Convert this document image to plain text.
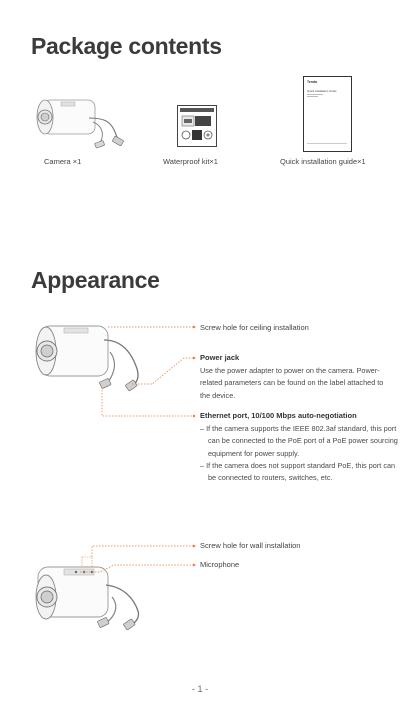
Package contents
Tenda
Quick Installation Guide
Camera ×1	Waterproof kit×1	Quick installation guide×1
Appearance
Screw hole for ceiling installation
Power jack
Use the power adapter to power on the camera. Power-related parameters can be found on the label attached to the device.
Ethernet port, 10/100 Mbps auto-negotiation
– If the camera supports the IEEE 802.3af standard, this port can be connected to the PoE port of a PoE power sourcing equipment for power supply.
– If the camera does not support standard PoE, this port can be connected to routers, switches, etc.
Screw hole for wall installation
Microphone
- 1 -
